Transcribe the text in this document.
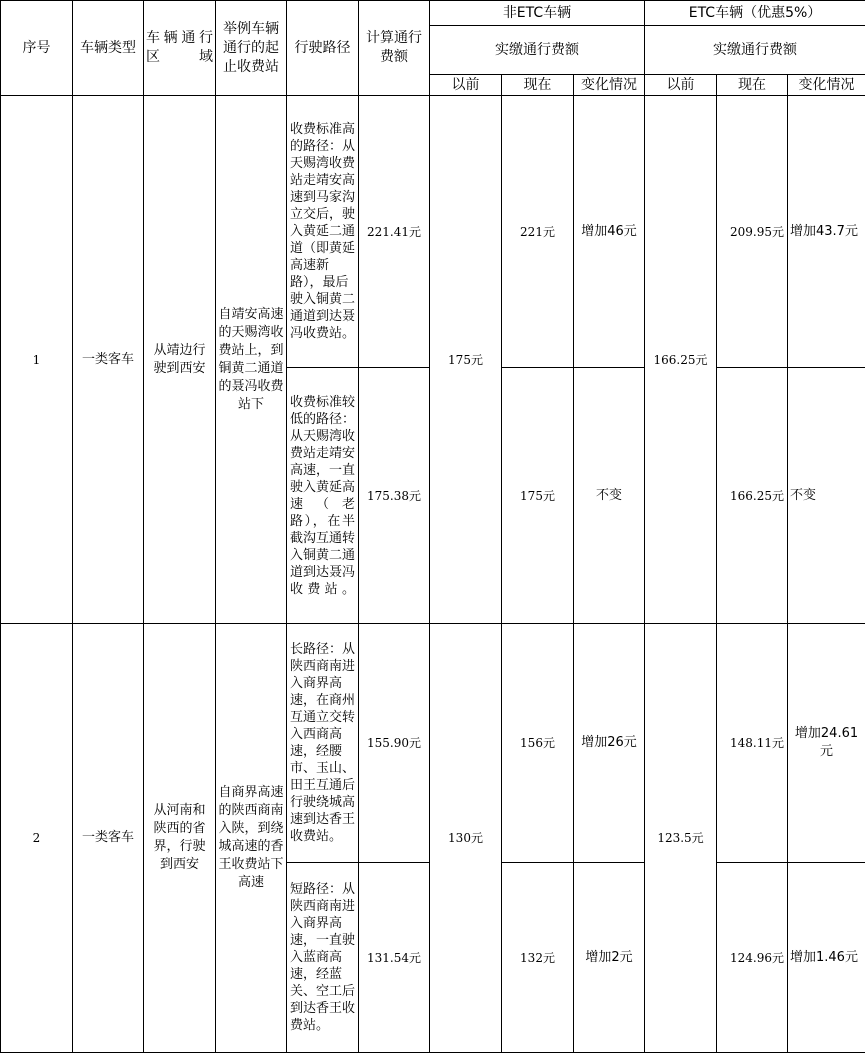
序号	车辆类型	车辆通行区域	举例车辆通行的起止收费站	行驶路径	计算通行费额	非ETC车辆			ETC车辆（优惠5%）		
						实缴通行费额			实缴通行费额		
						以前	现在	变化情况	以前	现在	变化情况
1	一类客车	从靖边行驶到西安	自靖安高速的天赐湾收费站上，到铜黄二通道的聂冯收费站下	收费标准高的路径：从天赐湾收费站走靖安高速到马家沟立交后，驶入黄延二通道（即黄延高速新路），最后驶入铜黄二通道到达聂冯收费站。	221.41元	175元	221元	增加46元	166.25元	209.95元	增加43.7元
				收费标准较低的路径：从天赐湾收费站走靖安高速，一直驶入黄延高速（老路），在半截沟互通转入铜黄二通道到达聂冯收费站。	175.38元		175元	不变		166.25元	不变
2	一类客车	从河南和陕西的省界，行驶到西安	自商界高速的陕西商南入陕，到绕城高速的香王收费站下高速	长路径：从陕西商南进入商界高速，在商州互通立交转入西商高速，经腰市、玉山、田王互通后行驶绕城高速到达香王收费站。	155.90元	130元	156元	增加26元	123.5元	148.11元	增加24.61元
				短路径：从陕西商南进入商界高速，一直驶入蓝商高速，经蓝关、空工后到达香王收费站。	131.54元		132元	增加2元		124.96元	增加1.46元
